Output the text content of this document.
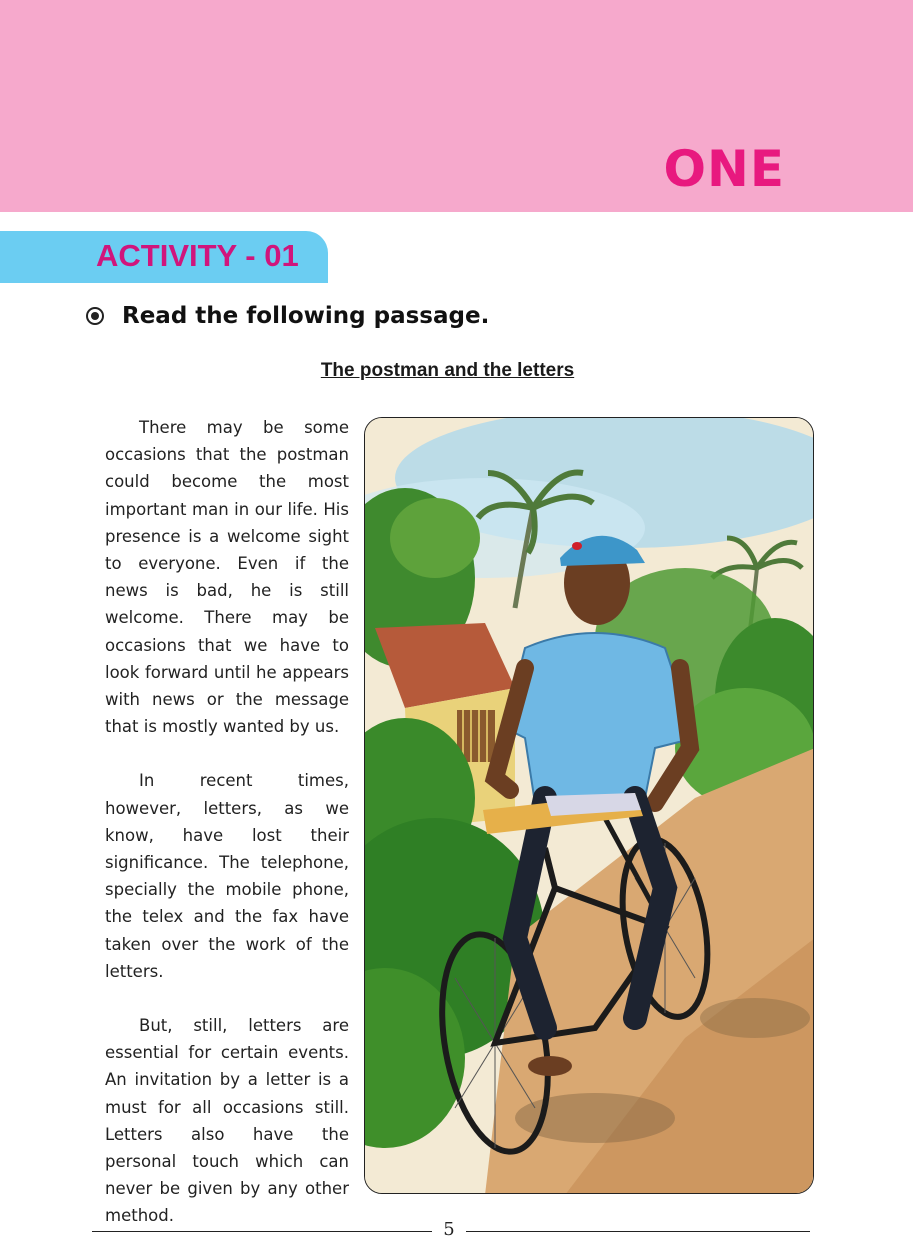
ONE
ACTIVITY - 01
Read the following passage.
The postman and the letters

There may be some occasions that the postman could become the most important man in our life. His presence is a welcome sight to everyone. Even if the news is bad, he is still welcome. There may be occasions that we have to look forward until he appears with news or the message that is mostly wanted by us.

In recent times, however, letters, as we know, have lost their significance. The telephone, specially the mobile phone, the telex and the fax have taken over the work of the letters.

But, still, letters are essential for certain events. An invitation by a letter is a must for all occasions still. Letters also have the personal touch which can never be given by any other method.

5
